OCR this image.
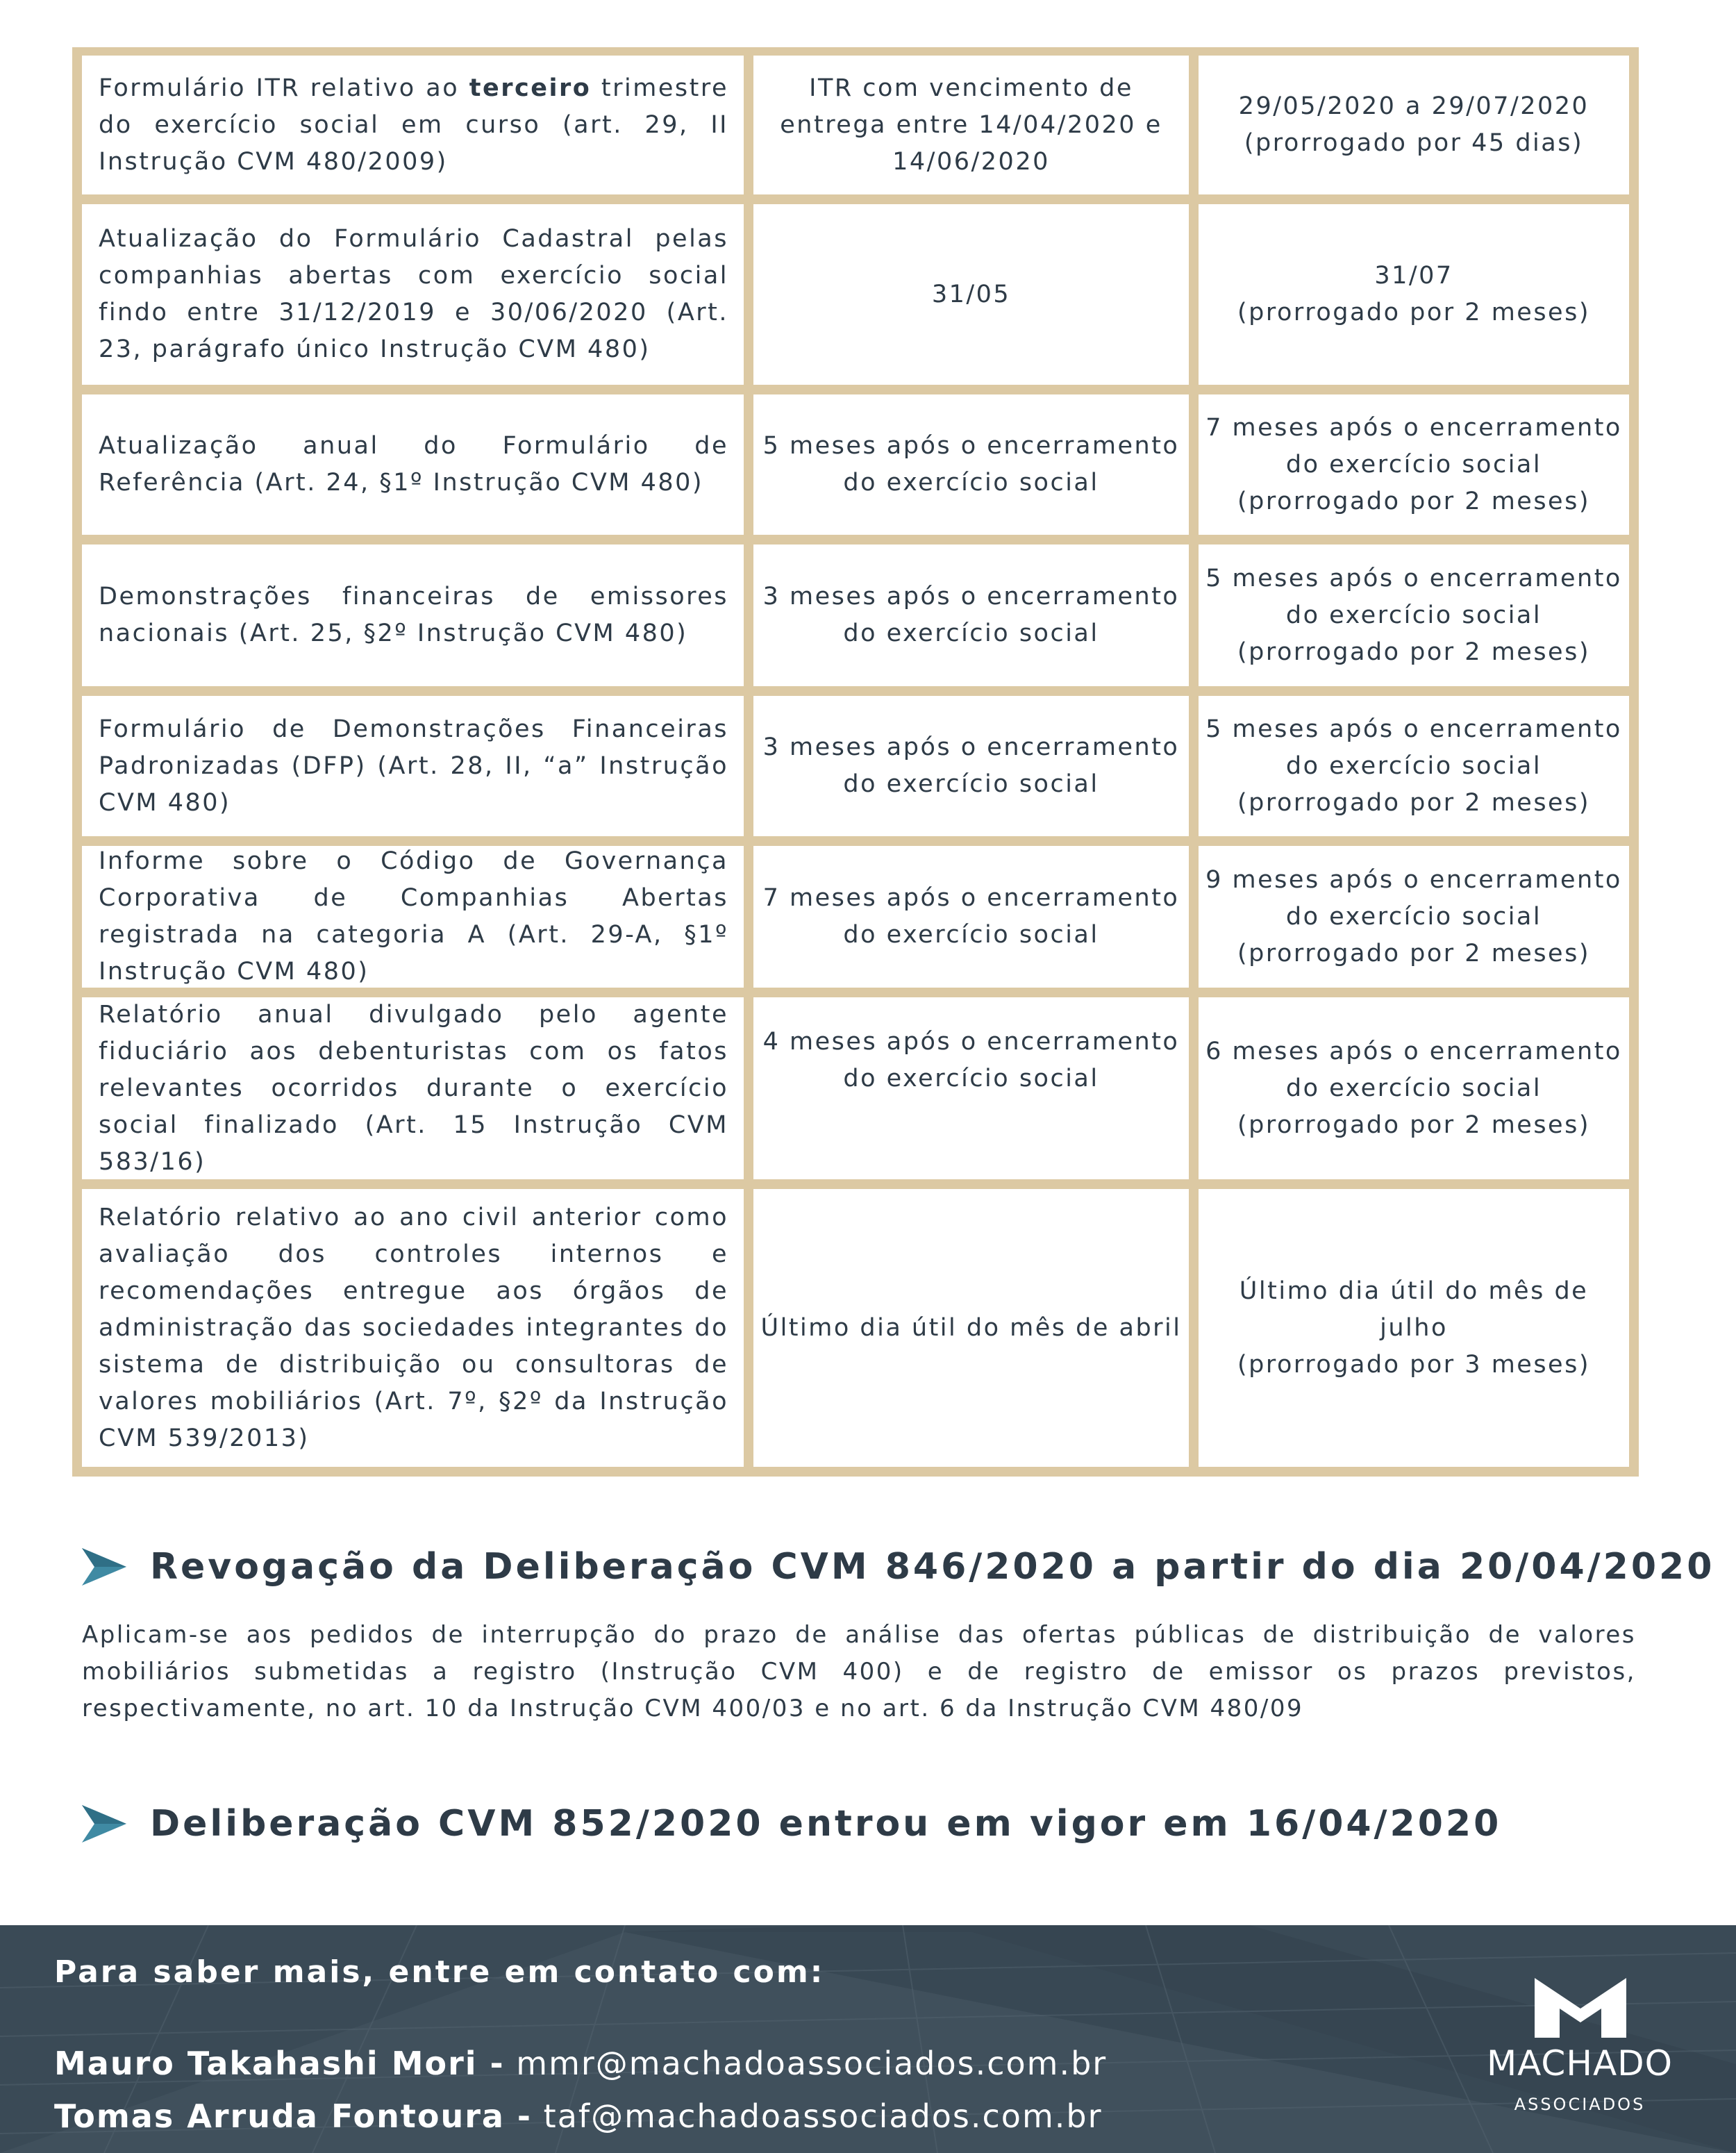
Formulário ITR relativo ao terceiro trimestre do exercício social em curso (art. 29, II Instrução CVM 480/2009)
ITR com vencimento de
entrega entre 14/04/2020 e
14/06/2020
29/05/2020 a 29/07/2020
(prorrogado por 45 dias)
Atualização do Formulário Cadastral pelas companhias abertas com exercício social findo entre 31/12/2019 e 30/06/2020 (Art. 23, parágrafo único Instrução CVM 480)
31/05
31/07
(prorrogado por 2 meses)
Atualização anual do Formulário de Referência (Art. 24, §1º Instrução CVM 480)
5 meses após o encerramento
do exercício social
7 meses após o encerramento
do exercício social
(prorrogado por 2 meses)
Demonstrações financeiras de emissores nacionais (Art. 25, §2º Instrução CVM 480)
3 meses após o encerramento
do exercício social
5 meses após o encerramento
do exercício social
(prorrogado por 2 meses)
Formulário de Demonstrações Financeiras Padronizadas (DFP) (Art. 28, II, “a” Instrução CVM 480)
3 meses após o encerramento
do exercício social
5 meses após o encerramento
do exercício social
(prorrogado por 2 meses)
Informe sobre o Código de Governança Corporativa de Companhias Abertas registrada na categoria A (Art. 29-A, §1º Instrução CVM 480)
7 meses após o encerramento
do exercício social
9 meses após o encerramento
do exercício social
(prorrogado por 2 meses)
Relatório anual divulgado pelo agente fiduciário aos debenturistas com os fatos relevantes ocorridos durante o exercício social finalizado (Art. 15 Instrução CVM 583/16)
4 meses após o encerramento
do exercício social
6 meses após o encerramento
do exercício social
(prorrogado por 2 meses)
Relatório relativo ao ano civil anterior como avaliação dos controles internos e recomendações entregue aos órgãos de administração das sociedades integrantes do sistema de distribuição ou consultoras de valores mobiliários (Art. 7º, §2º da Instrução CVM 539/2013)
Último dia útil do mês de abril
Último dia útil do mês de julho
(prorrogado por 3 meses)
Revogação da Deliberação CVM 846/2020 a partir do dia 20/04/2020
Aplicam-se aos pedidos de interrupção do prazo de análise das ofertas públicas de distribuição de valores mobiliários submetidas a registro (Instrução CVM 400) e de registro de emissor os prazos previstos, respectivamente, no art. 10 da Instrução CVM 400/03 e no art. 6 da Instrução CVM 480/09
Deliberação CVM 852/2020 entrou em vigor em 16/04/2020
Para saber mais, entre em contato com:
Mauro Takahashi Mori - mmr@machadoassociados.com.br
Tomas Arruda Fontoura - taf@machadoassociados.com.br
MACHADO
ASSOCIADOS
